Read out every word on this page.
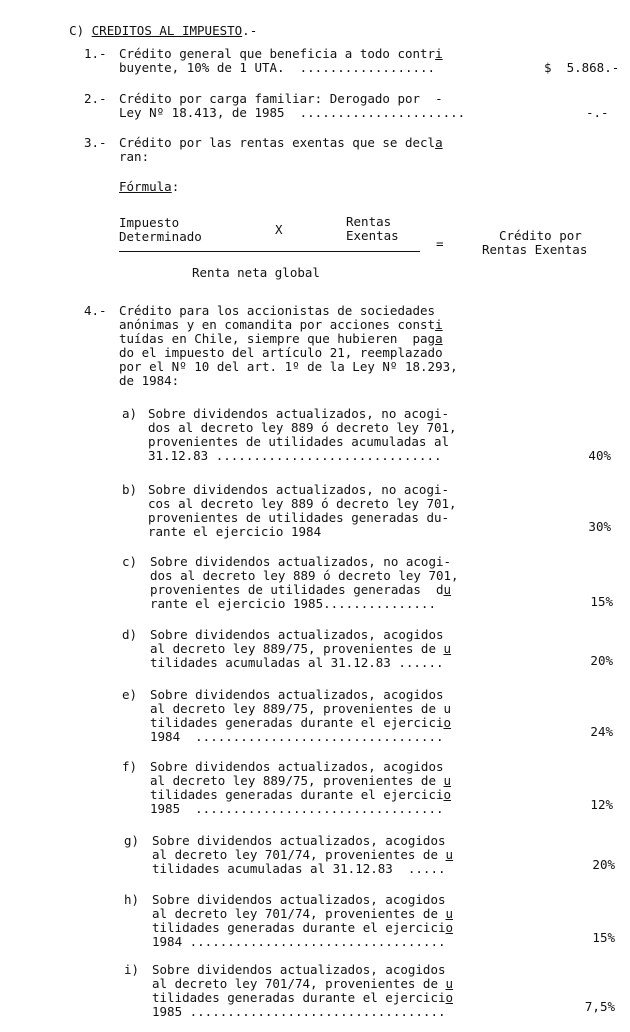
C) CREDITOS AL IMPUESTO.-

1.- Crédito general que beneficia a todo contri
buyente, 10% de 1 UTA.  ..................	$  5.868.-
2.- Crédito por carga familiar: Derogado por  -
Ley Nº 18.413, de 1985  ......................	-.-
3.- Crédito por las rentas exentas que se decla
ran:
Fórmula:
Impuesto
Determinado	X
Rentas
Exentas
=
Crédito por
Rentas Exentas
Renta neta global
4.- Crédito para los accionistas de sociedades
anónimas y en comandita por acciones consti
tuídas en Chile, siempre que hubieren  paga
do el impuesto del artículo 21, reemplazado
por el Nº 10 del art. 1º de la Ley Nº 18.293,
de 1984:
a) Sobre dividendos actualizados, no acogi-
dos al decreto ley 889 ó decreto ley 701,
provenientes de utilidades acumuladas al
31.12.83 ..............................	40%
b) Sobre dividendos actualizados, no acogi-
cos al decreto ley 889 ó decreto ley 701,
provenientes de utilidades generadas du-
rante el ejercicio 1984	30%
c) Sobre dividendos actualizados, no acogi-
dos al decreto ley 889 ó decreto ley 701,
provenientes de utilidades generadas  du
rante el ejercicio 1985...............	15%
d) Sobre dividendos actualizados, acogidos
al decreto ley 889/75, provenientes de u
tilidades acumuladas al 31.12.83 ......	20%
e) Sobre dividendos actualizados, acogidos
al decreto ley 889/75, provenientes de u
tilidades generadas durante el ejercicio
1984  .................................	24%
f) Sobre dividendos actualizados, acogidos
al decreto ley 889/75, provenientes de u
tilidades generadas durante el ejercicio
1985  .................................	12%
g) Sobre dividendos actualizados, acogidos
al decreto ley 701/74, provenientes de u
tilidades acumuladas al 31.12.83  .....	20%
h) Sobre dividendos actualizados, acogidos
al decreto ley 701/74, provenientes de u
tilidades generadas durante el ejercicio
1984 ..................................	15%
i) Sobre dividendos actualizados, acogidos
al decreto ley 701/74, provenientes de u
tilidades generadas durante el ejercicio
1985 ..................................	7,5%
